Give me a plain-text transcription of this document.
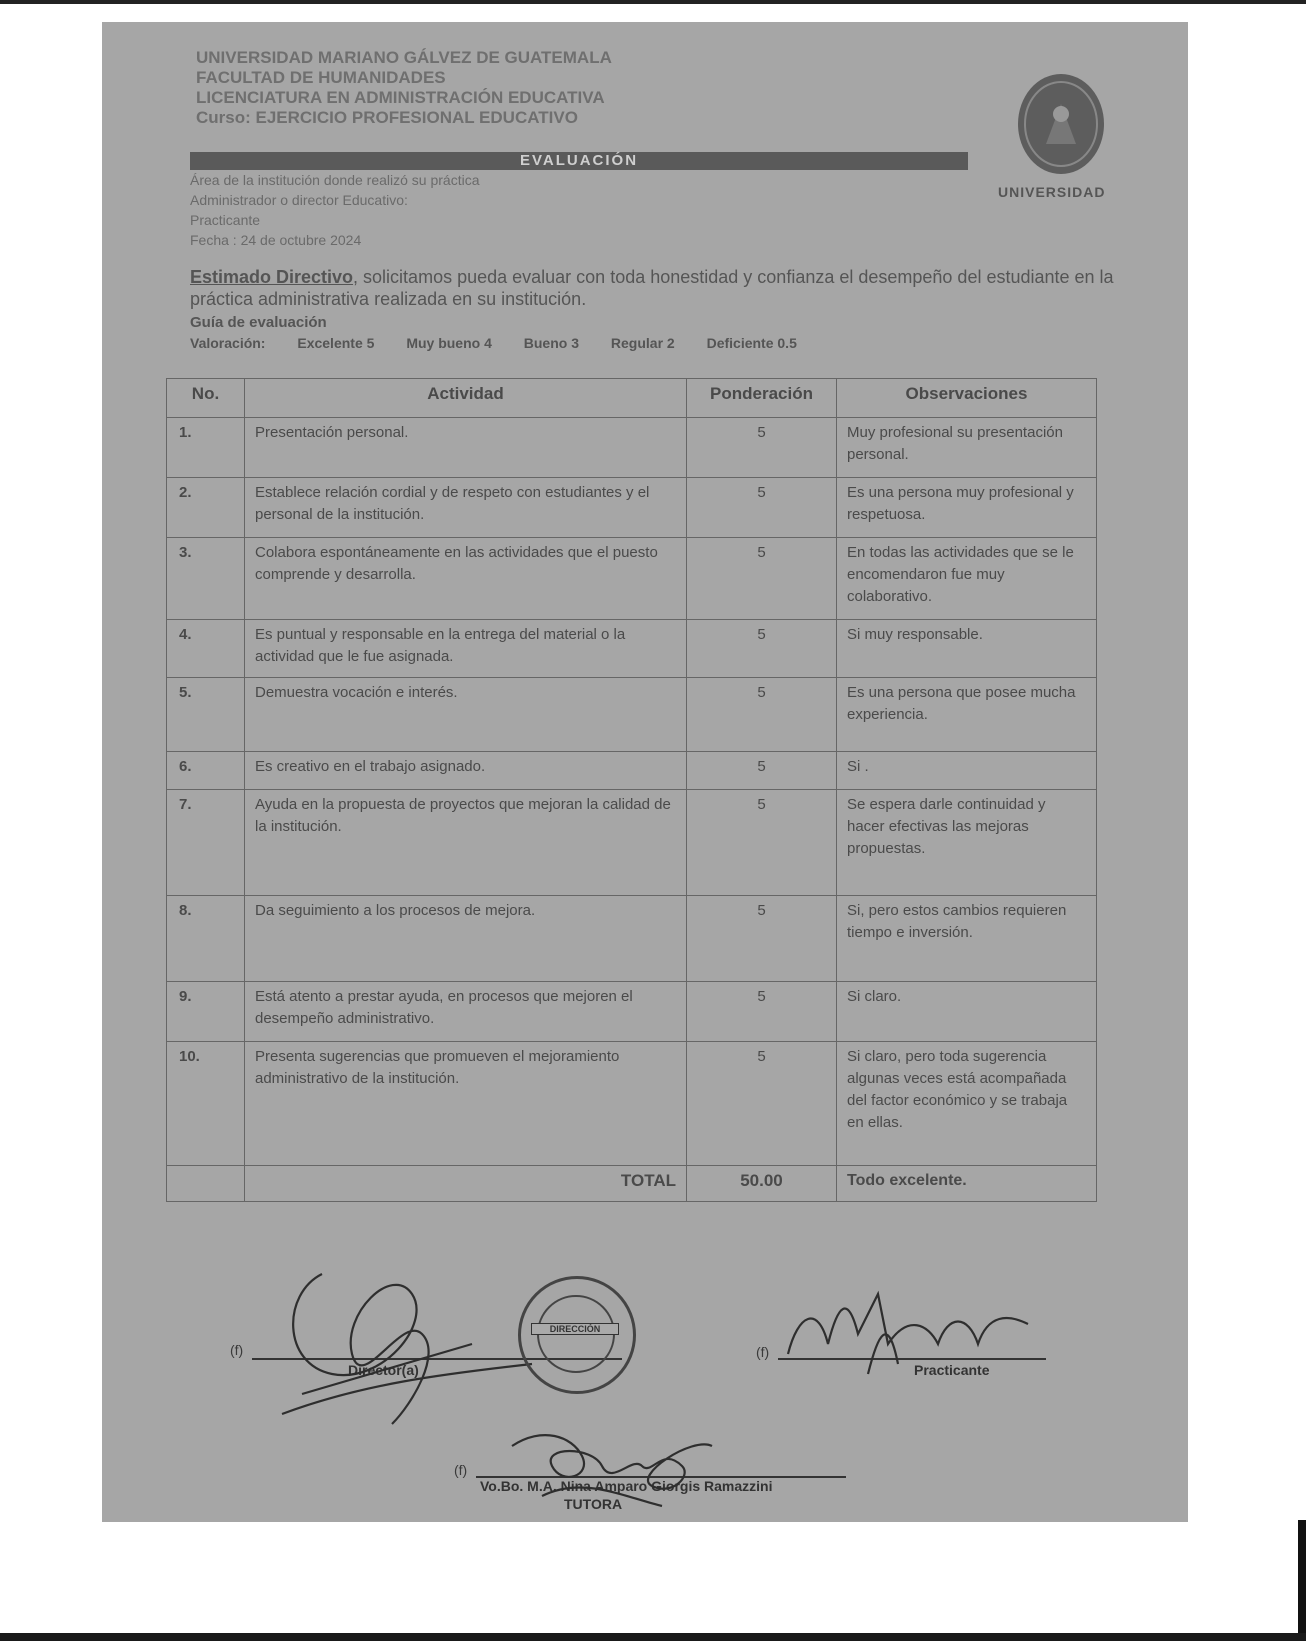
UNIVERSIDAD MARIANO GÁLVEZ DE GUATEMALA
FACULTAD DE HUMANIDADES
LICENCIATURA EN ADMINISTRACIÓN EDUCATIVA
Curso: EJERCICIO PROFESIONAL EDUCATIVO
UNIVERSIDAD
EVALUACIÓN
Área de la institución donde realizó su práctica
Administrador o director Educativo:
Practicante
Fecha : 24 de octubre 2024
Estimado Directivo, solicitamos pueda evaluar con toda honestidad y confianza el desempeño del estudiante en la práctica administrativa realizada en su institución.
Guía de evaluación
Valoración: Excelente 5 Muy bueno 4 Bueno 3 Regular 2 Deficiente 0.5
No.	Actividad	Ponderación	Observaciones
1.	Presentación personal.	5	Muy profesional su presentación personal.
2.	Establece relación cordial y de respeto con estudiantes y el personal de la institución.	5	Es una persona muy profesional y respetuosa.
3.	Colabora espontáneamente en las actividades que el puesto comprende y desarrolla.	5	En todas las actividades que se le encomendaron fue muy colaborativo.
4.	Es puntual y responsable en la entrega del material o la actividad que le fue asignada.	5	Si muy responsable.
5.	Demuestra vocación e interés.	5	Es una persona que posee mucha experiencia.
6.	Es creativo en el trabajo asignado.	5	Si .
7.	Ayuda en la propuesta de proyectos que mejoran la calidad de la institución.	5	Se espera darle continuidad y hacer efectivas las mejoras propuestas.
8.	Da seguimiento a los procesos de mejora.	5	Si, pero estos cambios requieren tiempo e inversión.
9.	Está atento a prestar ayuda, en procesos que mejoren el desempeño administrativo.	5	Si claro.
10.	Presenta sugerencias que promueven el mejoramiento administrativo de la institución.	5	Si claro, pero toda sugerencia algunas veces está acompañada del factor económico y se trabaja en ellas.
	TOTAL	50.00	Todo excelente.
(f)
Director(a)
DIRECCIÓN
(f)
Practicante
(f)
Vo.Bo. M.A. Nina Amparo Giorgis Ramazzini
TUTORA
